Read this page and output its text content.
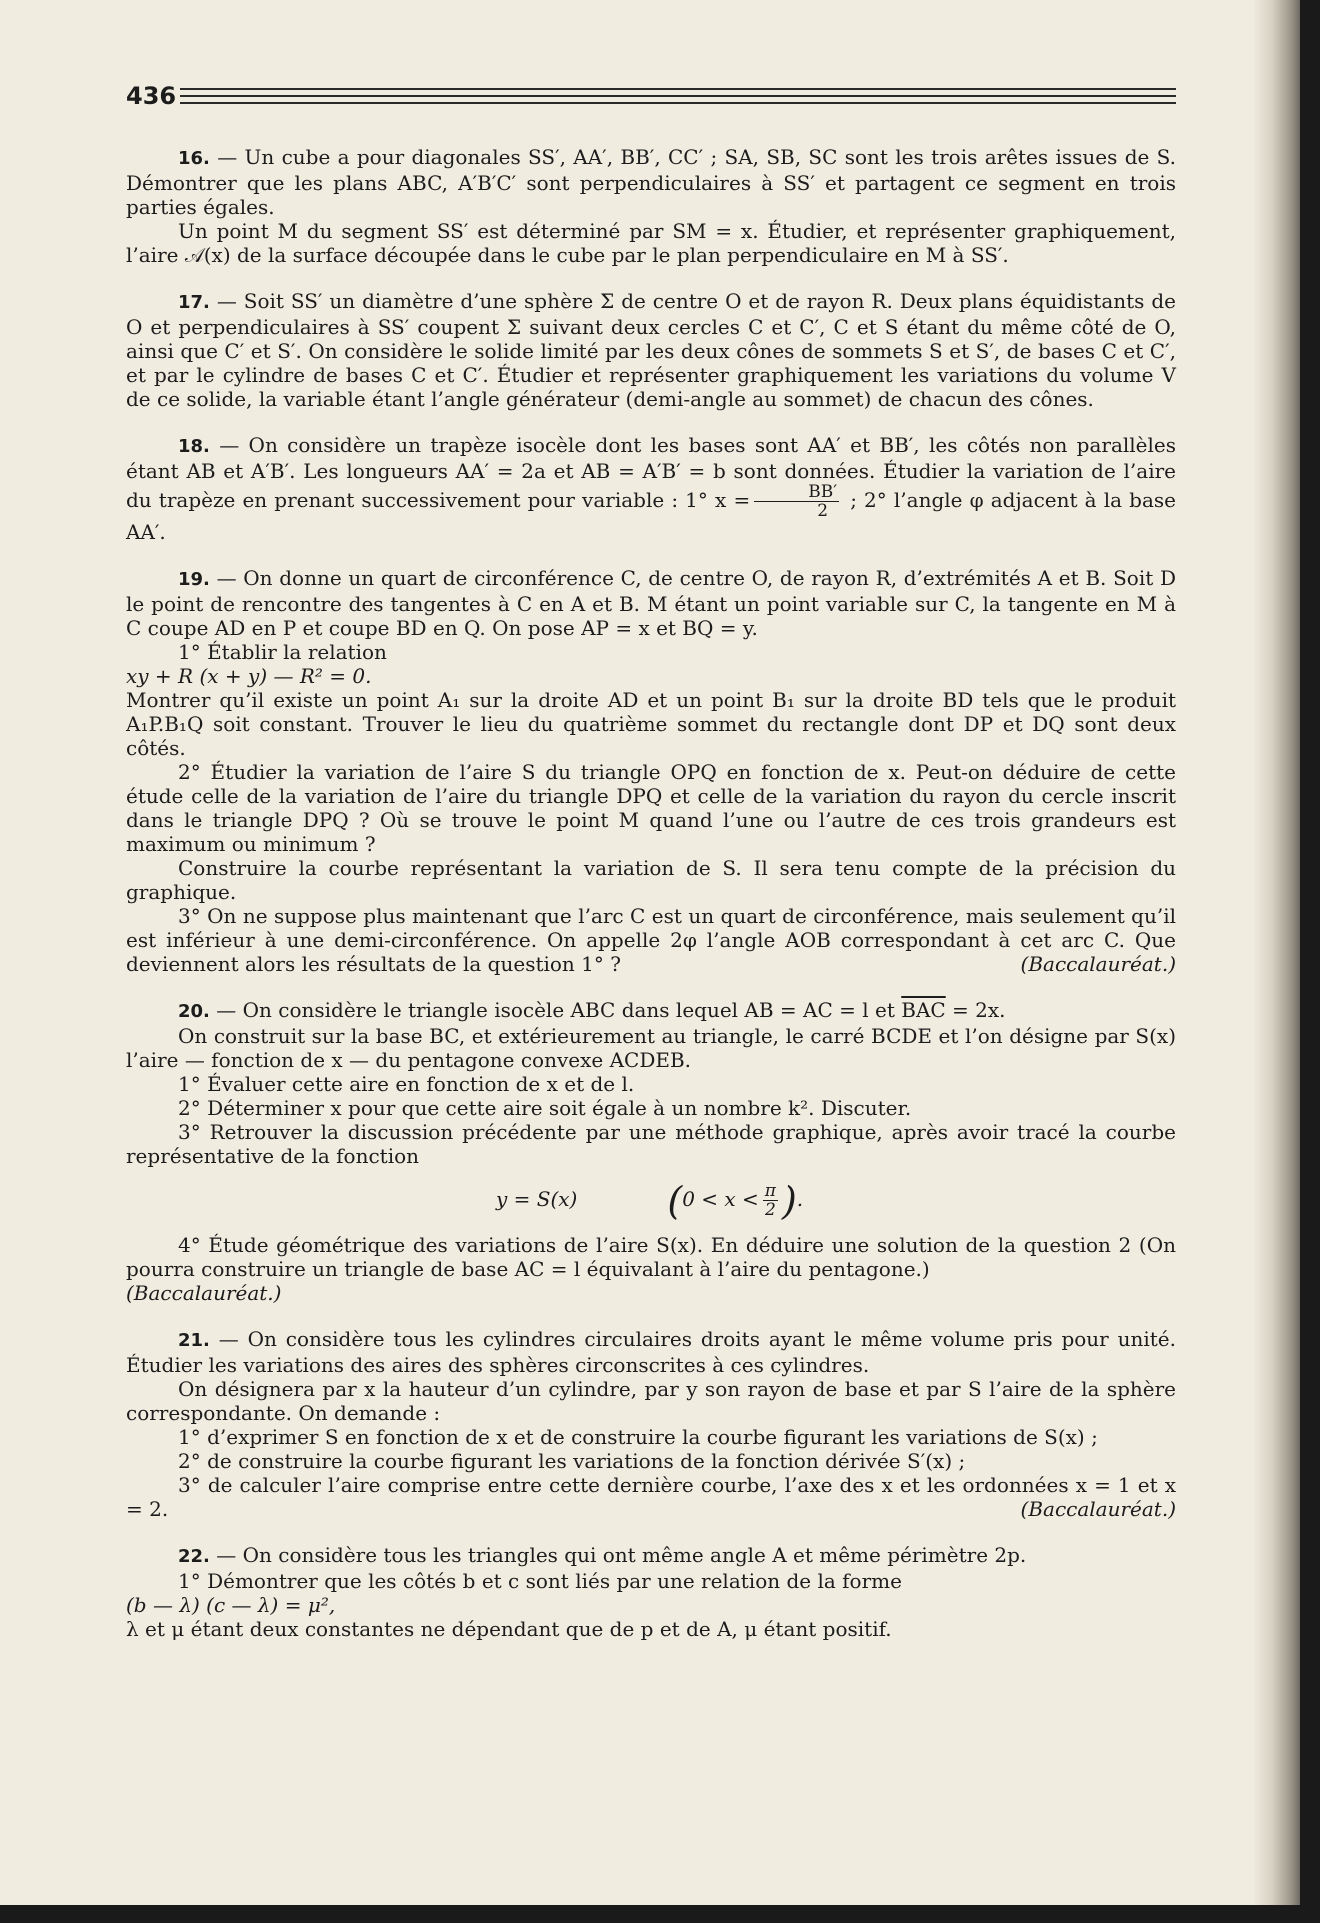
436

16. — Un cube a pour diagonales SS′, AA′, BB′, CC′ ; SA, SB, SC sont les trois arêtes issues de S. Démontrer que les plans ABC, A′B′C′ sont perpendiculaires à SS′ et partagent ce segment en trois parties égales.

Un point M du segment SS′ est déterminé par SM = x. Étudier, et représenter graphiquement, l’aire 𝒜(x) de la surface découpée dans le cube par le plan perpendiculaire en M à SS′.

17. — Soit SS′ un diamètre d’une sphère Σ de centre O et de rayon R. Deux plans équidistants de O et perpendiculaires à SS′ coupent Σ suivant deux cercles C et C′, C et S étant du même côté de O, ainsi que C′ et S′. On considère le solide limité par les deux cônes de sommets S et S′, de bases C et C′, et par le cylindre de bases C et C′. Étudier et représenter graphiquement les variations du volume V de ce solide, la variable étant l’angle générateur (demi-angle au sommet) de chacun des cônes.

18. — On considère un trapèze isocèle dont les bases sont AA′ et BB′, les côtés non parallèles étant AB et A′B′. Les longueurs AA′ = 2a et AB = A′B′ = b sont données. Étudier la variation de l’aire du trapèze en prenant successivement pour variable : 1° $x = \frac{BB'}{2}$ ; 2° l’angle φ adjacent à la base AA′.

19. — On donne un quart de circonférence C, de centre O, de rayon R, d’extrémités A et B. Soit D le point de rencontre des tangentes à C en A et B. M étant un point variable sur C, la tangente en M à C coupe AD en P et coupe BD en Q. On pose AP = x et BQ = y.

1° Établir la relation

xy + R (x + y) — R² = 0.

Montrer qu’il existe un point A₁ sur la droite AD et un point B₁ sur la droite BD tels que le produit A₁P.B₁Q soit constant. Trouver le lieu du quatrième sommet du rectangle dont DP et DQ sont deux côtés.

2° Étudier la variation de l’aire S du triangle OPQ en fonction de x. Peut-on déduire de cette étude celle de la variation de l’aire du triangle DPQ et celle de la variation du rayon du cercle inscrit dans le triangle DPQ ? Où se trouve le point M quand l’une ou l’autre de ces trois grandeurs est maximum ou minimum ?

Construire la courbe représentant la variation de S. Il sera tenu compte de la précision du graphique.

3° On ne suppose plus maintenant que l’arc C est un quart de circonférence, mais seulement qu’il est inférieur à une demi-circonférence. On appelle 2φ l’angle AOB correspondant à cet arc C. Que deviennent alors les résultats de la question 1° ?	(Baccalauréat.)

20. — On considère le triangle isocèle ABC dans lequel AB = AC = l et $\overline{BAC} = 2x$.

On construit sur la base BC, et extérieurement au triangle, le carré BCDE et l’on désigne par S(x) l’aire — fonction de x — du pentagone convexe ACDEB.

1° Évaluer cette aire en fonction de x et de l.

2° Déterminer x pour que cette aire soit égale à un nombre k². Discuter.

3° Retrouver la discussion précédente par une méthode graphique, après avoir tracé la courbe représentative de la fonction

y = S(x) ($0 < x < \frac{\pi}{2}$ ).

4° Étude géométrique des variations de l’aire S(x). En déduire une solution de la question 2 (On pourra construire un triangle de base AC = l équivalant à l’aire du pentagone.)

(Baccalauréat.)

21. — On considère tous les cylindres circulaires droits ayant le même volume pris pour unité. Étudier les variations des aires des sphères circonscrites à ces cylindres.

On désignera par x la hauteur d’un cylindre, par y son rayon de base et par S l’aire de la sphère correspondante. On demande :

1° d’exprimer S en fonction de x et de construire la courbe figurant les variations de S(x) ;

2° de construire la courbe figurant les variations de la fonction dérivée S′(x) ;

3° de calculer l’aire comprise entre cette dernière courbe, l’axe des x et les ordonnées x = 1 et x = 2.	(Baccalauréat.)

22. — On considère tous les triangles qui ont même angle A et même périmètre 2p.

1° Démontrer que les côtés b et c sont liés par une relation de la forme

(b — λ) (c — λ) = μ²,

λ et μ étant deux constantes ne dépendant que de p et de A, μ étant positif.
